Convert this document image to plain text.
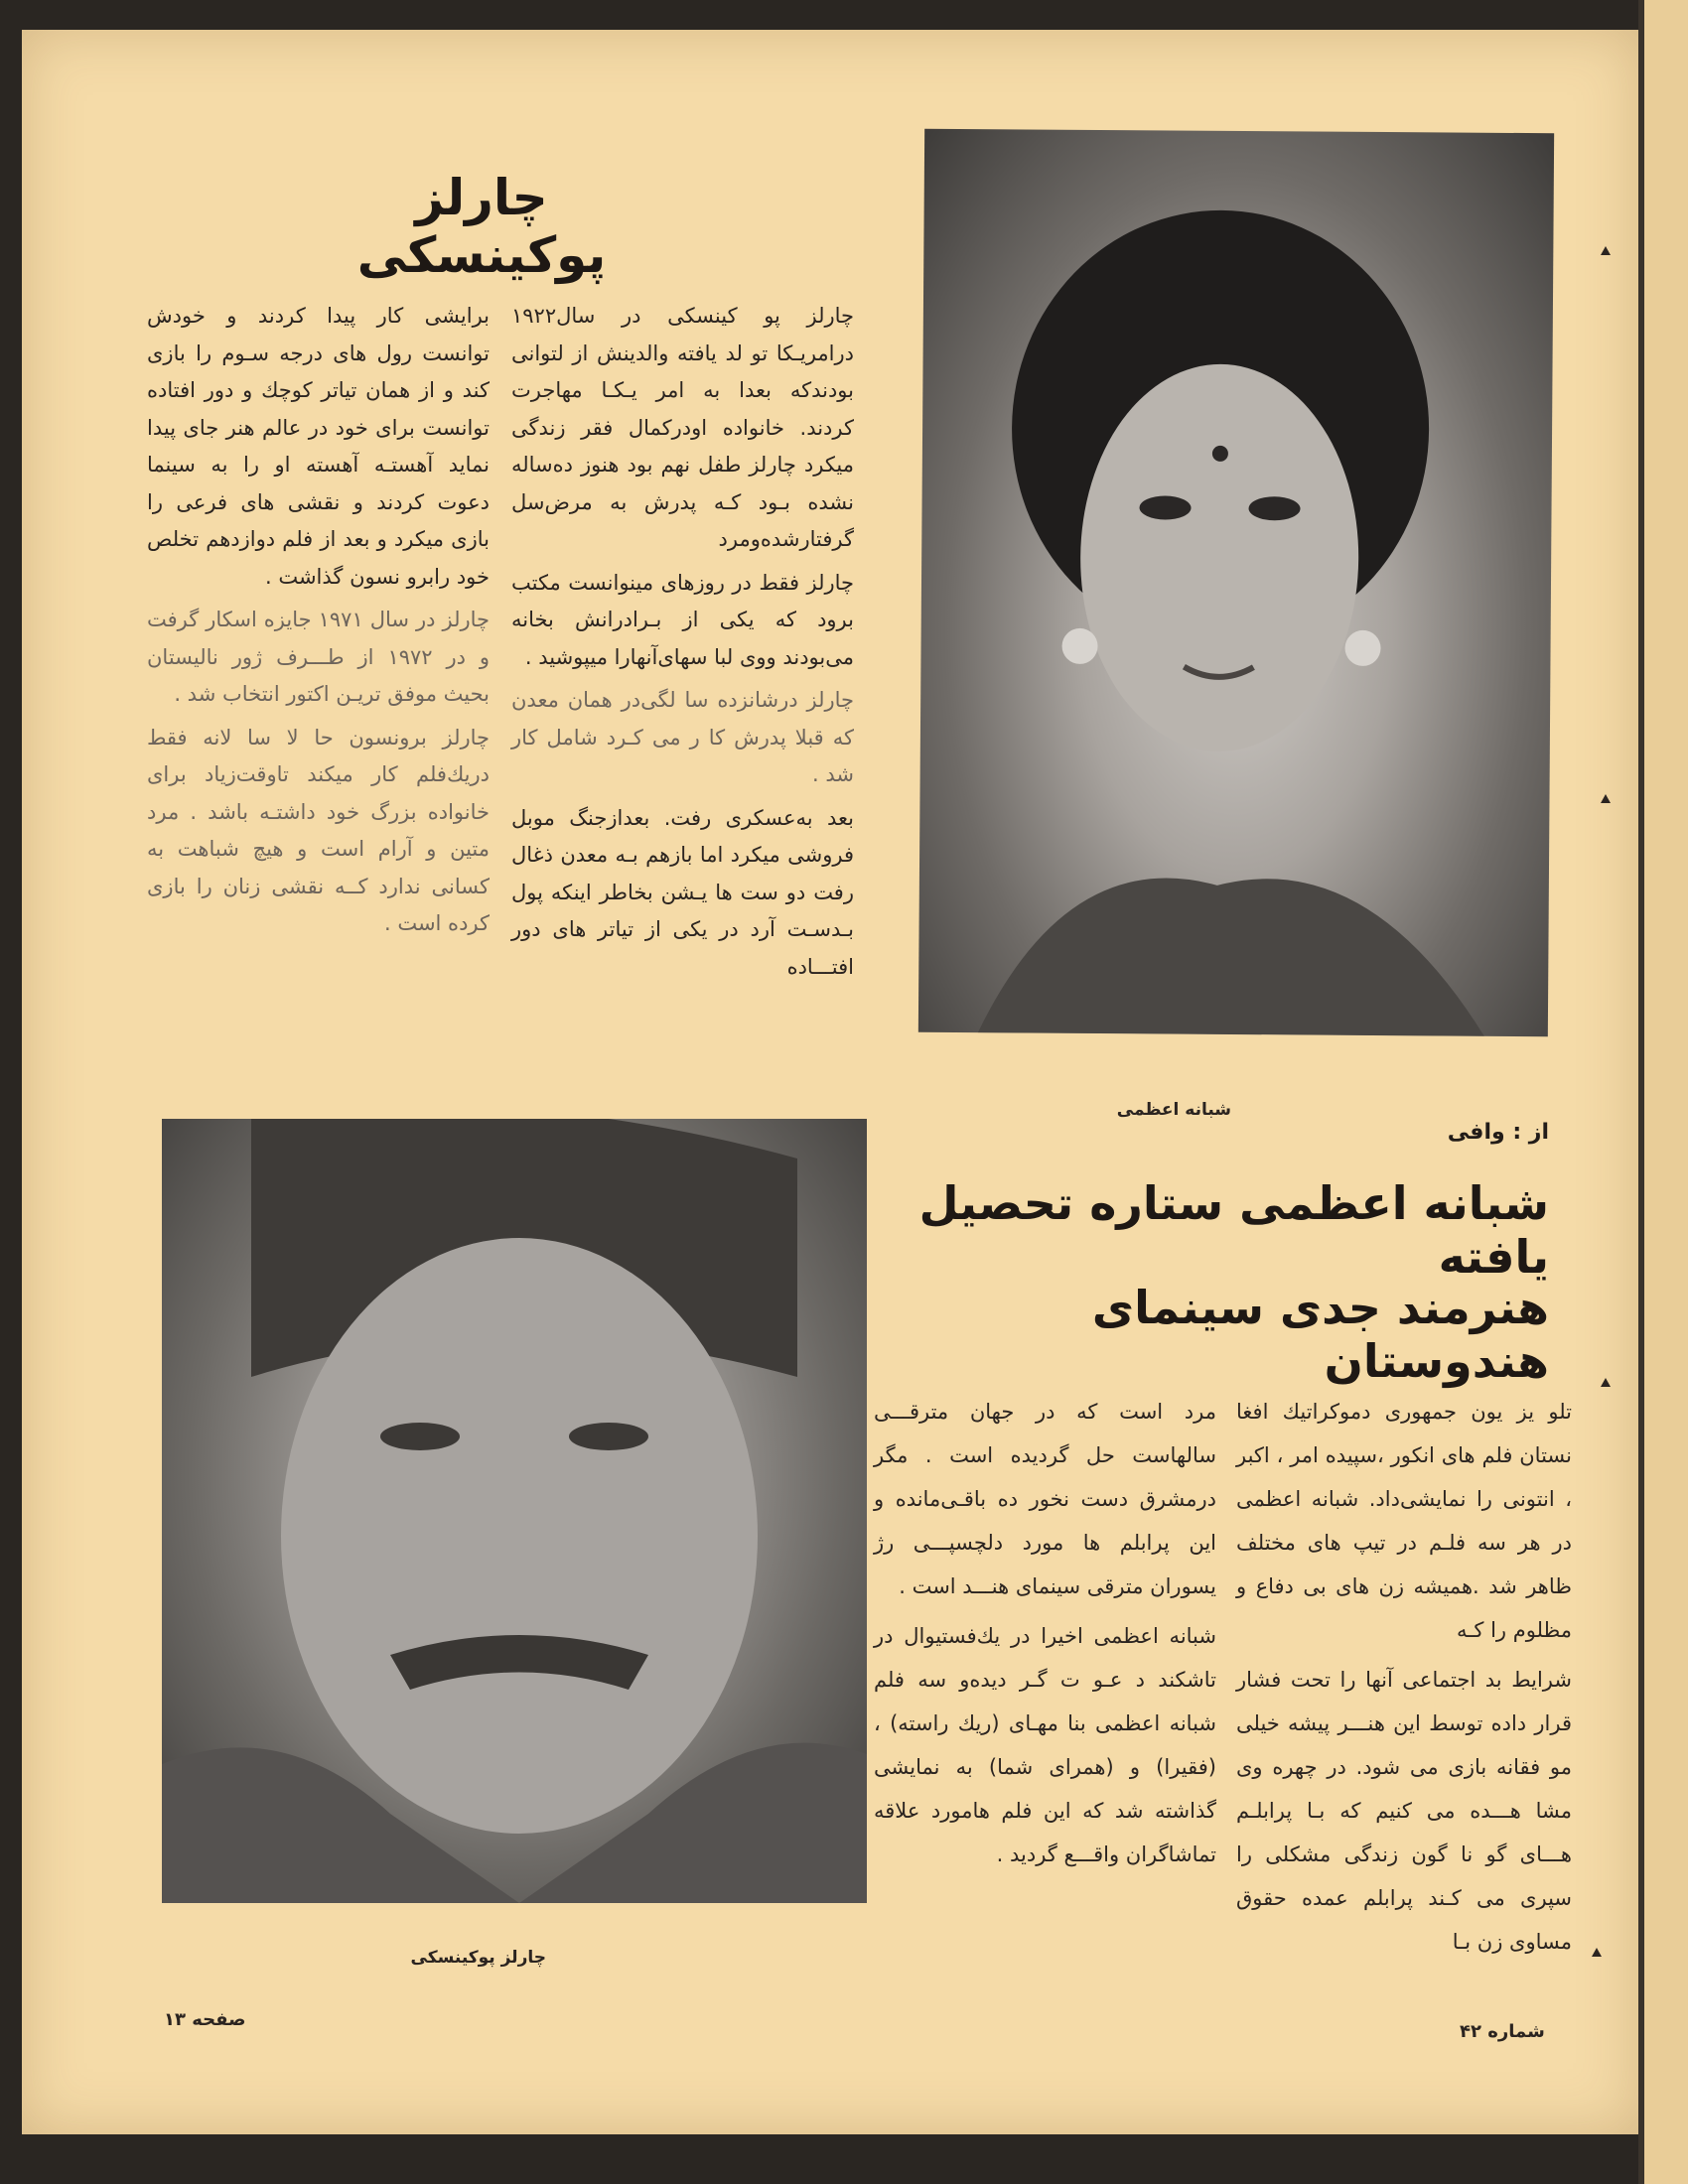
چارلز پوکینسکی

چارلز پو کینسکی در سال۱۹۲۲ درامریـکا تو لد یافته والدینش از لتوانی بودندکه بعدا به امر یـکـا مهاجرت کردند. خانواده اودرکمال فقر زندگی میکرد چارلز طفل نهم بود هنوز ده‌ساله نشده بـود کـه پدرش به مرض‌سل گرفتارشده‌ومرد

چارلز فقط در روزهای مینوانست مکتب برود که یکی از بـرادرانش بخانه می‌بودند ووی لبا سهای‌آنهارا میپوشید .

چارلز درشانزده سا لگی‌در همان معدن که قبلا پدرش کا ر می کـرد شامل کار شد .

بعد به‌عسکری رفت. بعدازجنگ موبل فروشی میکرد اما بازهم بـه معدن ذغال رفت دو ست ها یـشن بخاطر اینکه پول بـدسـت آرد در یکی از تیاتر های دور افتـــاده

برایشی کار پیدا کردند و خودش توانست رول های درجه سـوم را بازی کند و از همان تیاتر کوچك و دور افتاده توانست برای خود در عالم هنر جای پیدا نماید آهستـه آهسته او را به سینما دعوت کردند و نقشی های فرعی را بازی میکرد و بعد از فلم دوازدهم تخلص خود رابرو نسون گذاشت .

چارلز در سال ۱۹۷۱ جایزه اسکار گرفت و در ۱۹۷۲ از طـــرف ژور نالیستان بحیث موفق تریـن اکتور انتخاب شد .

چارلز برونسون حا لا سا لانه فقط دریك‌فلم کار میکند تاوقت‌زیاد برای خانواده بزرگ خود داشتـه باشد . مرد متین و آرام است و هیچ شباهت به کسانی ندارد کــه نقشی زنان را بازی کرده است .

شبانه اعظمی
چارلز پوکینسکی
از : وافی
شبانه اعظمی ستاره تحصیل یافته
هنرمند جدی سینمای هندوستان

تلو یز یون جمهوری دموکراتیك افغا نستان فلم های انکور ،سپیده امر ، اکبر ، انتونی را نمایشی‌داد. شبانه اعظمی در هر سه فلـم در تیپ های مختلف ظاهر شد .همیشه زن های بی دفاع و مظلوم را کـه

شرایط بد اجتماعی آنها را تحت فشار قرار داده توسط این هنـــر پیشه خیلی مو فقانه بازی می شود. در چهره وی مشا هـــده می کنیم که بـا پرابلـم هـــای گو نا گون زندگی مشکلی را سپری می کـند پرابلم عمده حقوق مساوی زن بـا

مرد است که در جهان مترقـــی سالهاست حل گردیده است . مگر درمشرق دست نخور ده باقـی‌مانده و این پرابلم ها مورد دلچسپـــی رژ یسوران مترقی سینمای هنـــد است .

شبانه اعظمی اخیرا در یك‌فستیوال در تاشکند د عـو ت گـر دیده‌و سه فلم شبانه اعظمی بنا مهـای (ریك راسته) ، (فقیرا) و (همرای شما) به نمایشی گذاشته شد که این فلم هامورد علاقه تماشاگران واقـــع گردید .

شماره ۴۲
صفحه ۱۳
